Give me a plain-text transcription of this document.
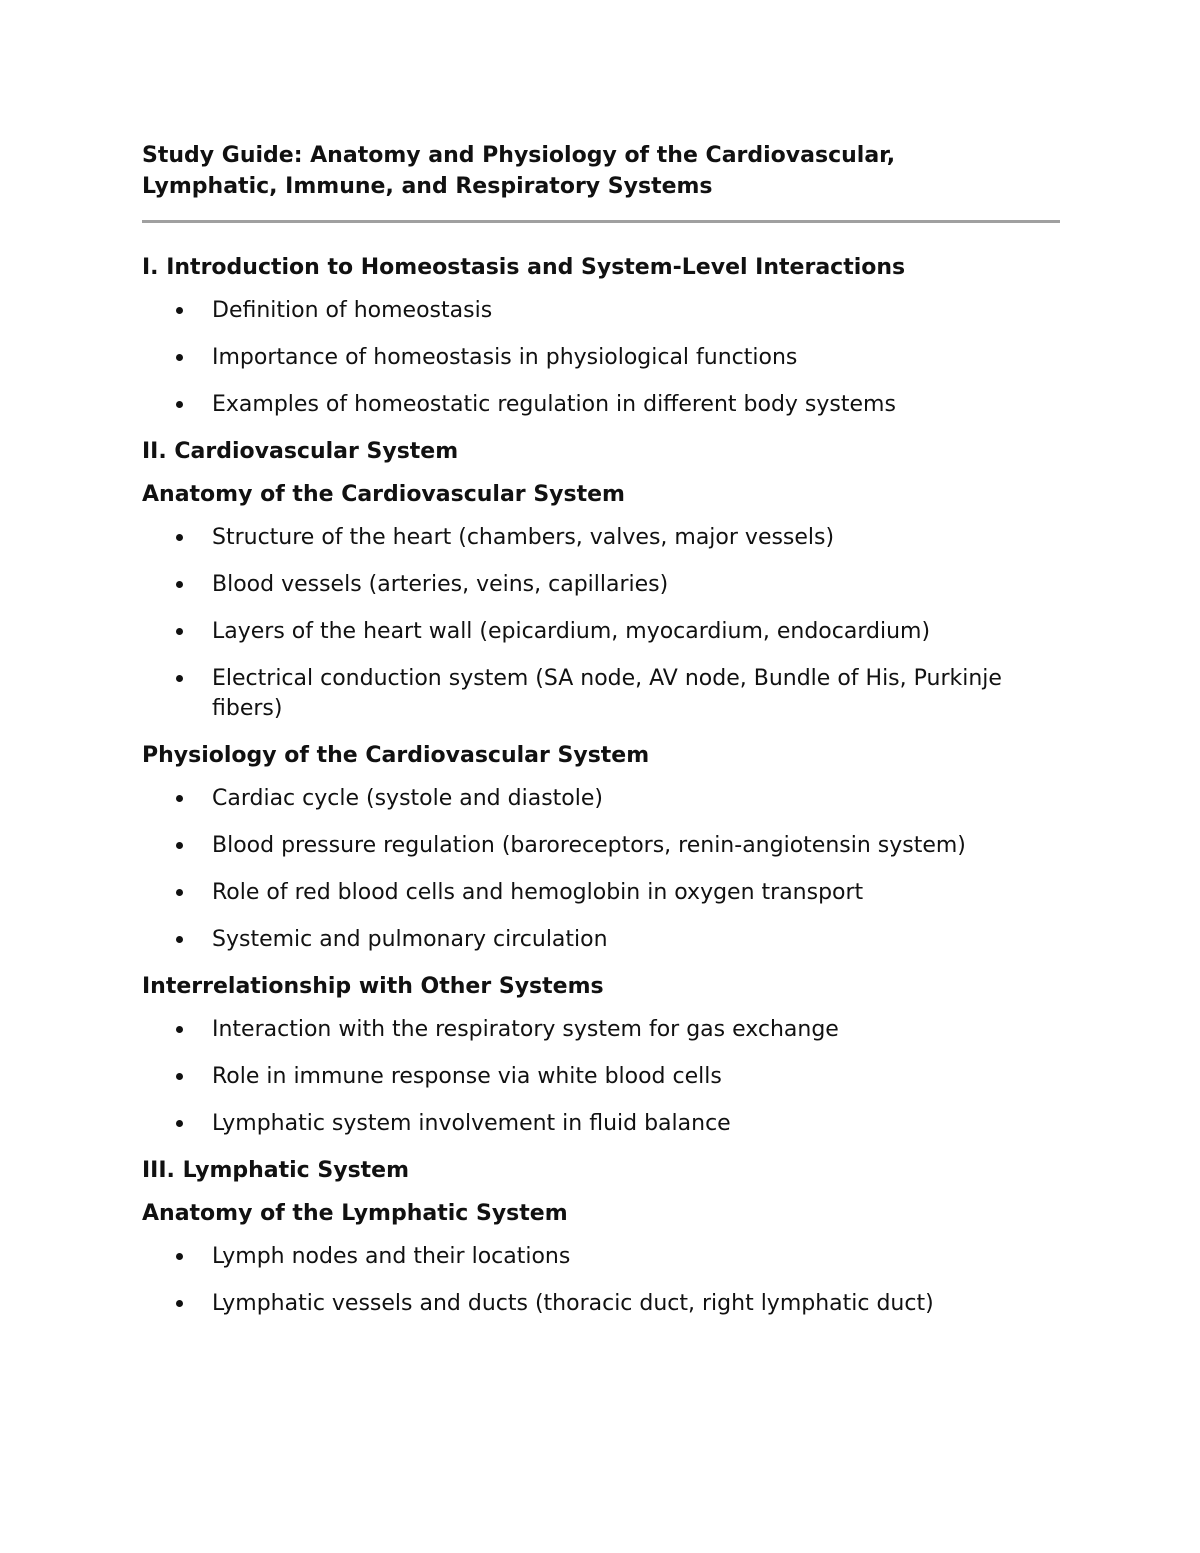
Study Guide: Anatomy and Physiology of the Cardiovascular,
Lymphatic, Immune, and Respiratory Systems
I. Introduction to Homeostasis and System-Level Interactions
Definition of homeostasis
Importance of homeostasis in physiological functions
Examples of homeostatic regulation in different body systems
II. Cardiovascular System
Anatomy of the Cardiovascular System
Structure of the heart (chambers, valves, major vessels)
Blood vessels (arteries, veins, capillaries)
Layers of the heart wall (epicardium, myocardium, endocardium)
Electrical conduction system (SA node, AV node, Bundle of His, Purkinje fibers)
Physiology of the Cardiovascular System
Cardiac cycle (systole and diastole)
Blood pressure regulation (baroreceptors, renin-angiotensin system)
Role of red blood cells and hemoglobin in oxygen transport
Systemic and pulmonary circulation
Interrelationship with Other Systems
Interaction with the respiratory system for gas exchange
Role in immune response via white blood cells
Lymphatic system involvement in fluid balance
III. Lymphatic System
Anatomy of the Lymphatic System
Lymph nodes and their locations
Lymphatic vessels and ducts (thoracic duct, right lymphatic duct)
